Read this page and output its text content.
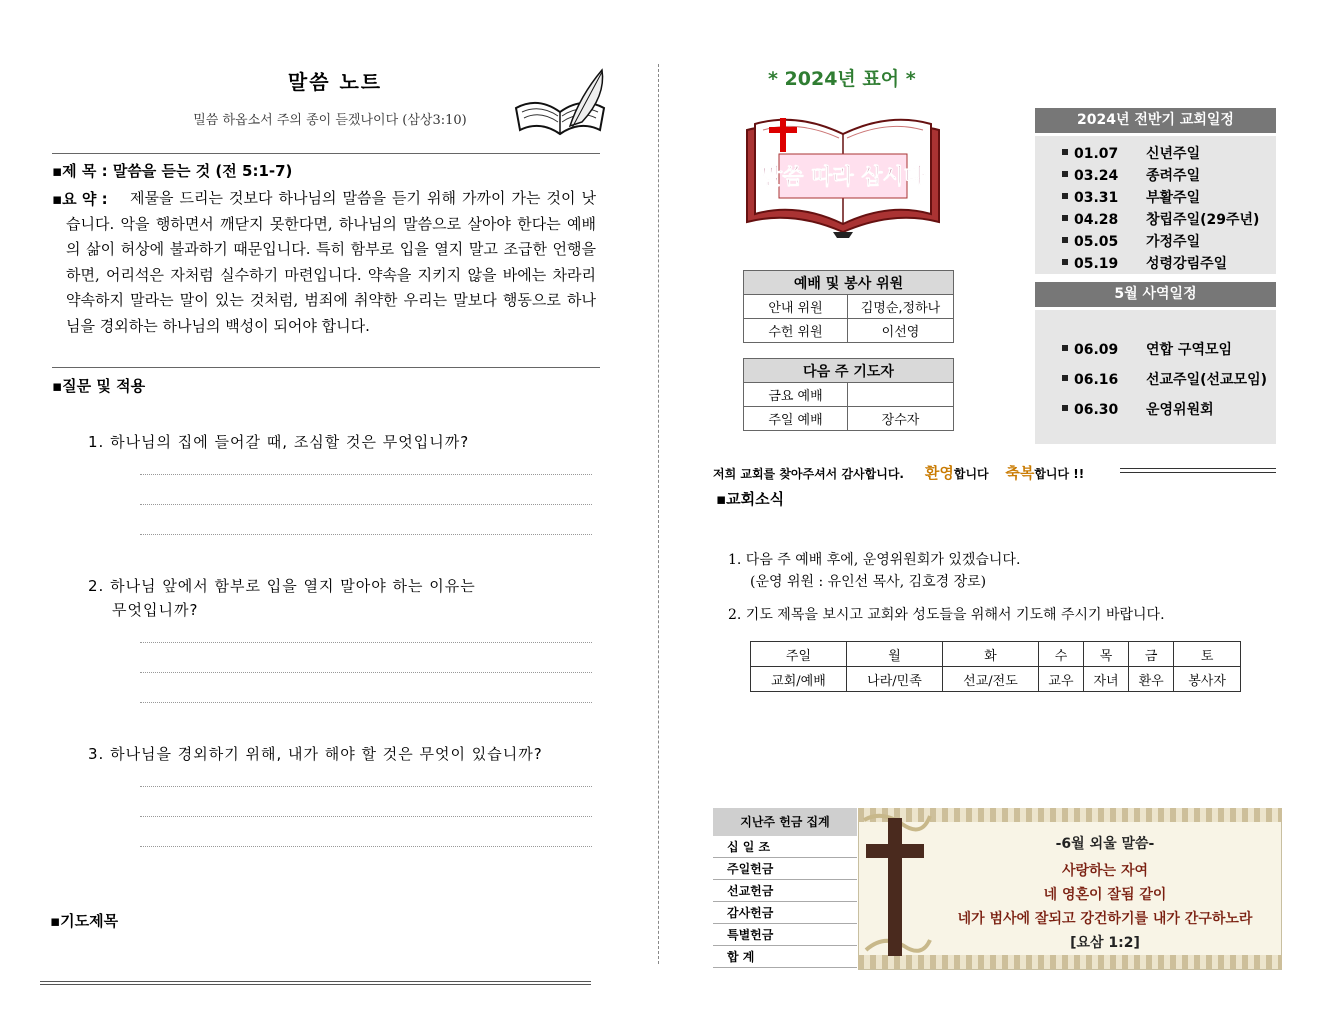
말씀 노트
밀씀 하옵소서 주의 종이 듣겠나이다 (삼상3:10)
▪제 목 : 말씀을 듣는 것 (전 5:1-7)
▪요 약 :	제물을 드리는 것보다 하나님의 말씀을 듣기 위해 가까이 가는 것이 낫습니다. 악을 행하면서 깨닫지 못한다면, 하나님의 말씀으로 살아야 한다는 예배의 삶이 허상에 불과하기 때문입니다. 특히 함부로 입을 열지 말고 조급한 언행을 하면, 어리석은 자처럼 실수하기 마련입니다. 약속을 지키지 않을 바에는 차라리 약속하지 말라는 말이 있는 것처럼, 범죄에 취약한 우리는 말보다 행동으로 하나님을 경외하는 하나님의 백성이 되어야 합니다.
▪질문 및 적용
1. 하나님의 집에 들어갈 때, 조심할 것은 무엇입니까?
2. 하나님 앞에서 함부로 입을 열지 말아야 하는 이유는
무엇입니까?
3. 하나님을 경외하기 위해, 내가 해야 할 것은 무엇이 있습니까?
▪기도제목
* 2024년 표어 *
말씀 따라 삽시다
예배 및 봉사 위원	
안내 위원	김명순,정하나
수헌 위원	이선영
다음 주 기도자	
금요 예배	
주일 예배	장수자
2024년 전반기 교회일정
01.07 신년주일
03.24 종려주일
03.31 부활주일
04.28 창립주일(29주년)
05.05 가정주일
05.19 성령강림주일
5월 사역일정
06.09 연합 구역모임
06.16 선교주일(선교모임)
06.30 운영위원회
저희 교회를 찾아주셔서 감사합니다. 환영합니다 축복합니다 !!
▪교회소식
1. 다음 주 예배 후에, 운영위원회가 있겠습니다.
(운영 위원 : 유인선 목사, 김호경 장로)
2. 기도 제목을 보시고 교회와 성도들을 위해서 기도해 주시기 바랍니다.
주일	월	화	수	목	금	토
교회/예배	나라/민족	선교/전도	교우	자녀	환우	봉사자
지난주 헌금 집계
십 일 조
주일헌금
선교헌금
감사헌금
특별헌금
합 계
-6월 외울 말씀-
사랑하는 자여
네 영혼이 잘됨 같이
네가 범사에 잘되고 강건하기를 내가 간구하노라
[요삼 1:2]
